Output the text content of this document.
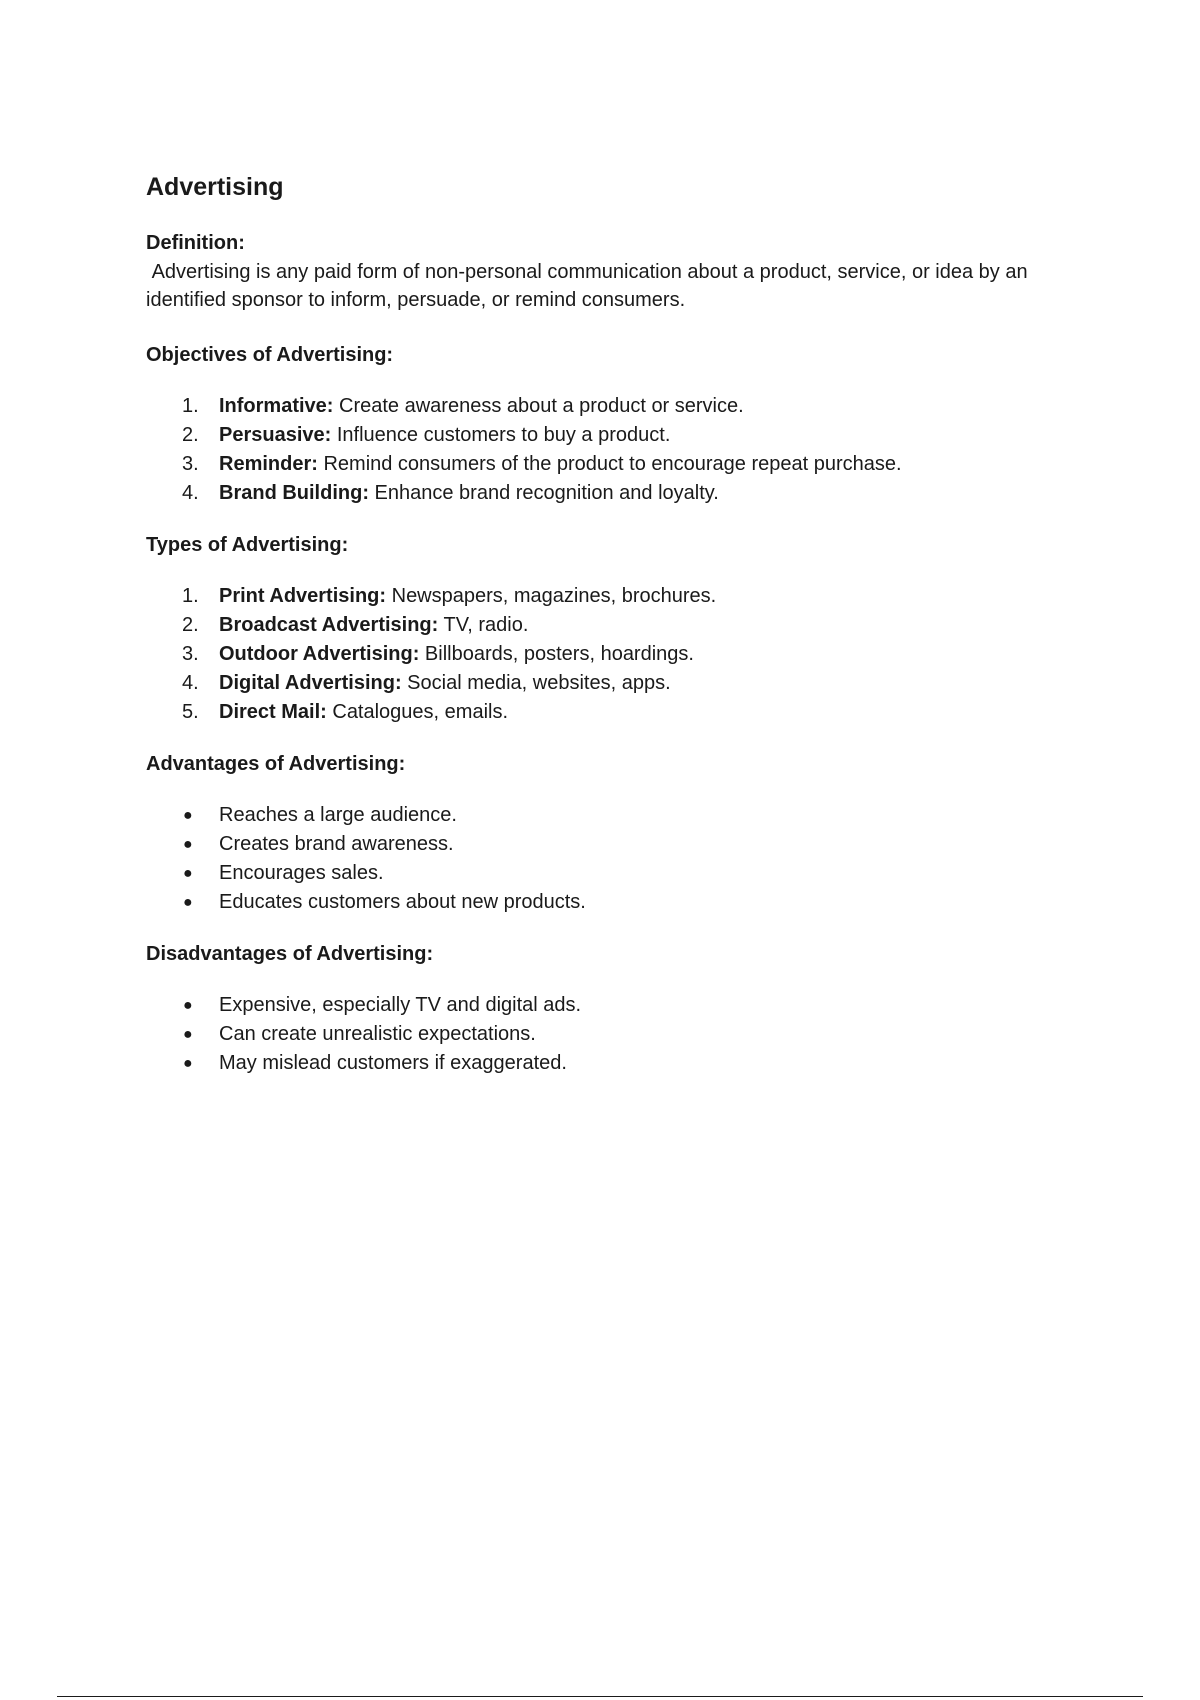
Advertising
Definition:

Advertising is any paid form of non-personal communication about a product, service, or idea by an identified sponsor to inform, persuade, or remind consumers.

Objectives of Advertising:
1.	Informative: Create awareness about a product or service.
2.	Persuasive: Influence customers to buy a product.
3.	Reminder: Remind consumers of the product to encourage repeat purchase.
4.	Brand Building: Enhance brand recognition and loyalty.
Types of Advertising:
1.	Print Advertising: Newspapers, magazines, brochures.
2.	Broadcast Advertising: TV, radio.
3.	Outdoor Advertising: Billboards, posters, hoardings.
4.	Digital Advertising: Social media, websites, apps.
5.	Direct Mail: Catalogues, emails.
Advantages of Advertising:
●	Reaches a large audience.
●	Creates brand awareness.
●	Encourages sales.
●	Educates customers about new products.
Disadvantages of Advertising:
●	Expensive, especially TV and digital ads.
●	Can create unrealistic expectations.
●	May mislead customers if exaggerated.
